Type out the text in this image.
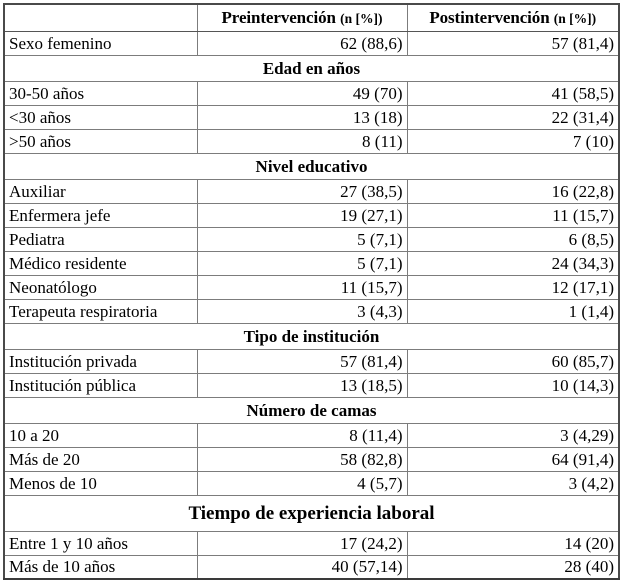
	Preintervención (n [%])	Postintervención (n [%])
Sexo femenino	62 (88,6)	57 (81,4)
Edad en años		
30-50 años	49 (70)	41 (58,5)
<30 años	13 (18)	22 (31,4)
>50 años	8 (11)	7 (10)
Nivel educativo		
Auxiliar	27 (38,5)	16 (22,8)
Enfermera jefe	19 (27,1)	11 (15,7)
Pediatra	5 (7,1)	6 (8,5)
Médico residente	5 (7,1)	24 (34,3)
Neonatólogo	11 (15,7)	12 (17,1)
Terapeuta respiratoria	3 (4,3)	1 (1,4)
Tipo de institución		
Institución privada	57 (81,4)	60 (85,7)
Institución pública	13 (18,5)	10 (14,3)
Número de camas		
10 a 20	8 (11,4)	3 (4,29)
Más de 20	58 (82,8)	64 (91,4)
Menos de 10	4 (5,7)	3 (4,2)
Tiempo de experiencia laboral		
Entre 1 y 10 años	17 (24,2)	14 (20)
Más de 10 años	40 (57,14)	28 (40)
